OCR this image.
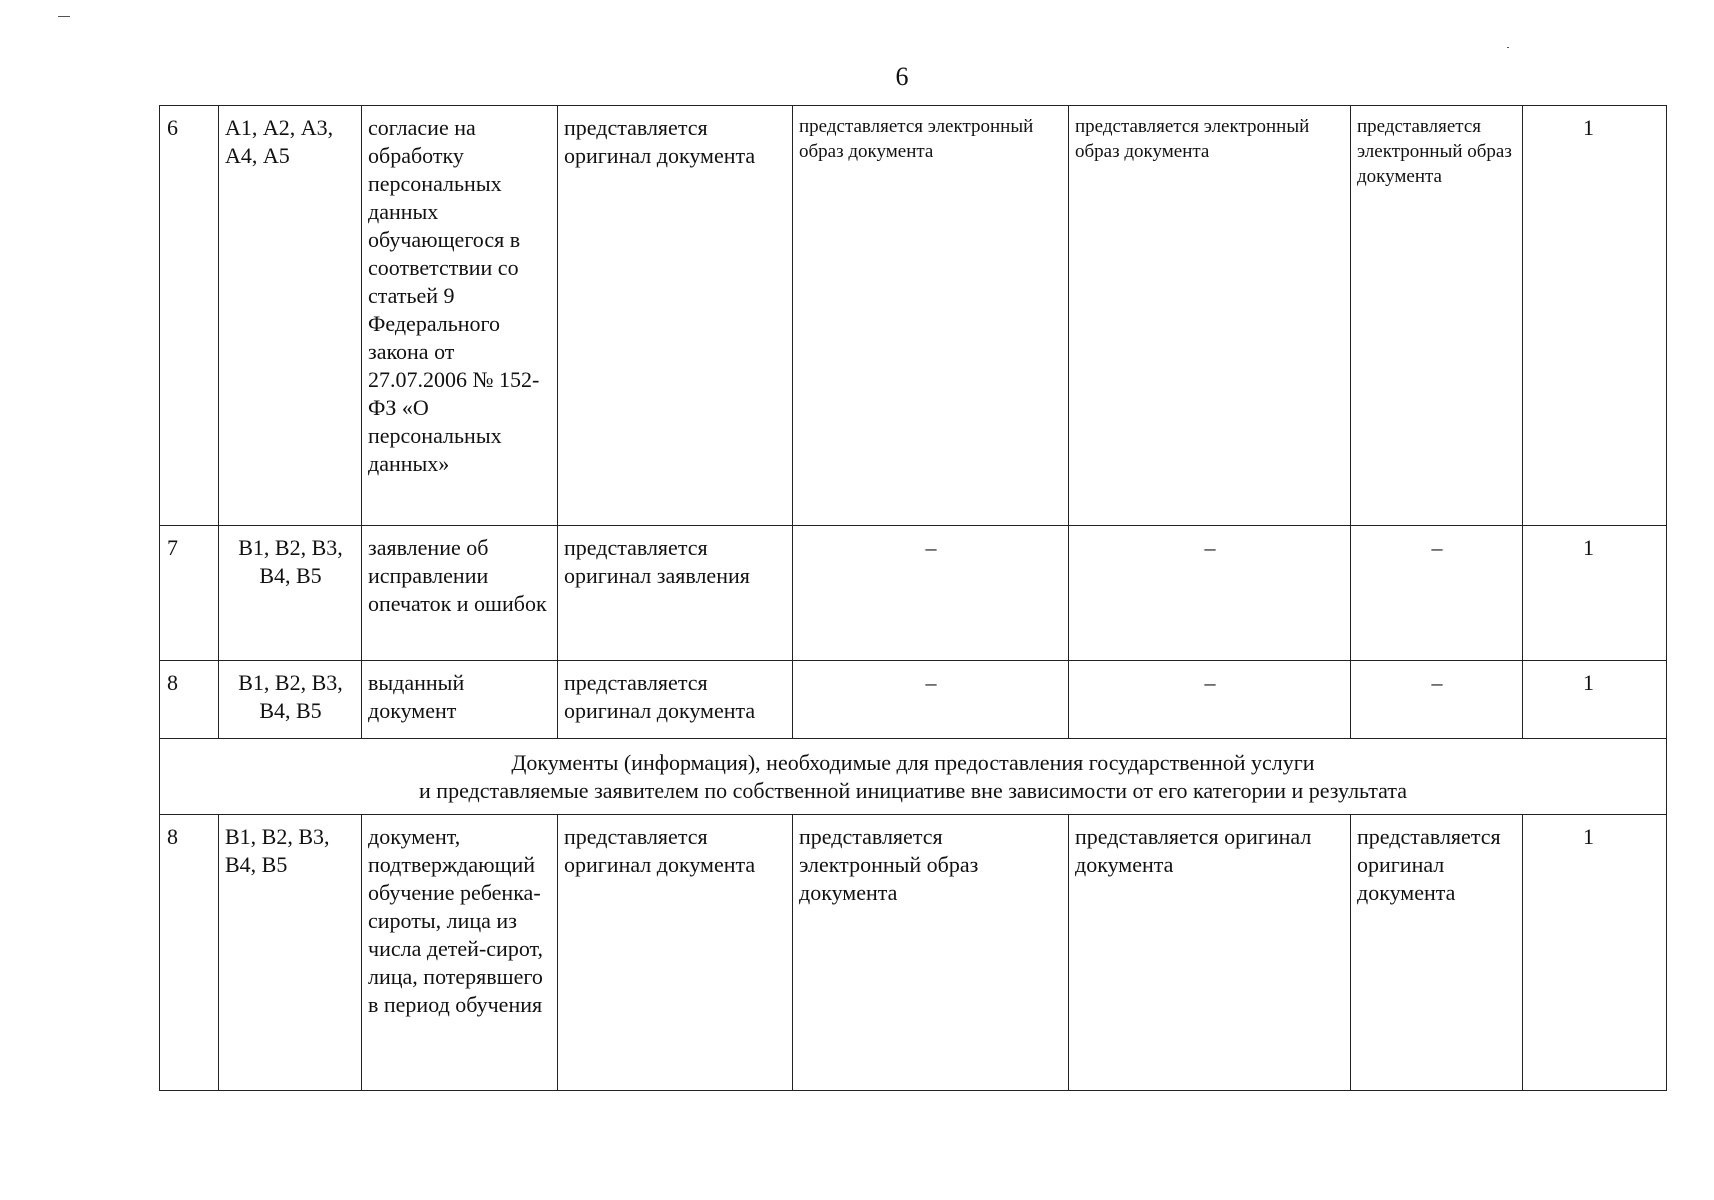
6
6	А1, А2, А3, А4, А5	согласие на обработку персональных данных обучающегося в соответствии со статьей 9 Федерального закона от 27.07.2006 № 152-ФЗ «О персональных данных»	представляется оригинал документа	представляется электронный образ документа	представляется электронный образ документа	представляется электронный образ документа	1
7	В1, В2, В3, В4, В5	заявление об исправлении опечаток и ошибок	представляется оригинал заявления	–	–	–	1
8	В1, В2, В3, В4, В5	выданный документ	представляется оригинал документа	–	–	–	1

Документы (информация), необходимые для предоставления государственной услуги
и представляемые заявителем по собственной инициативе вне зависимости от его категории и результата							

8	В1, В2, В3, В4, В5	документ, подтверждающий обучение ребенка-сироты, лица из числа детей-сирот, лица, потерявшего в период обучения	представляется оригинал документа	представляется электронный образ документа	представляется оригинал документа	представляется оригинал документа	1
